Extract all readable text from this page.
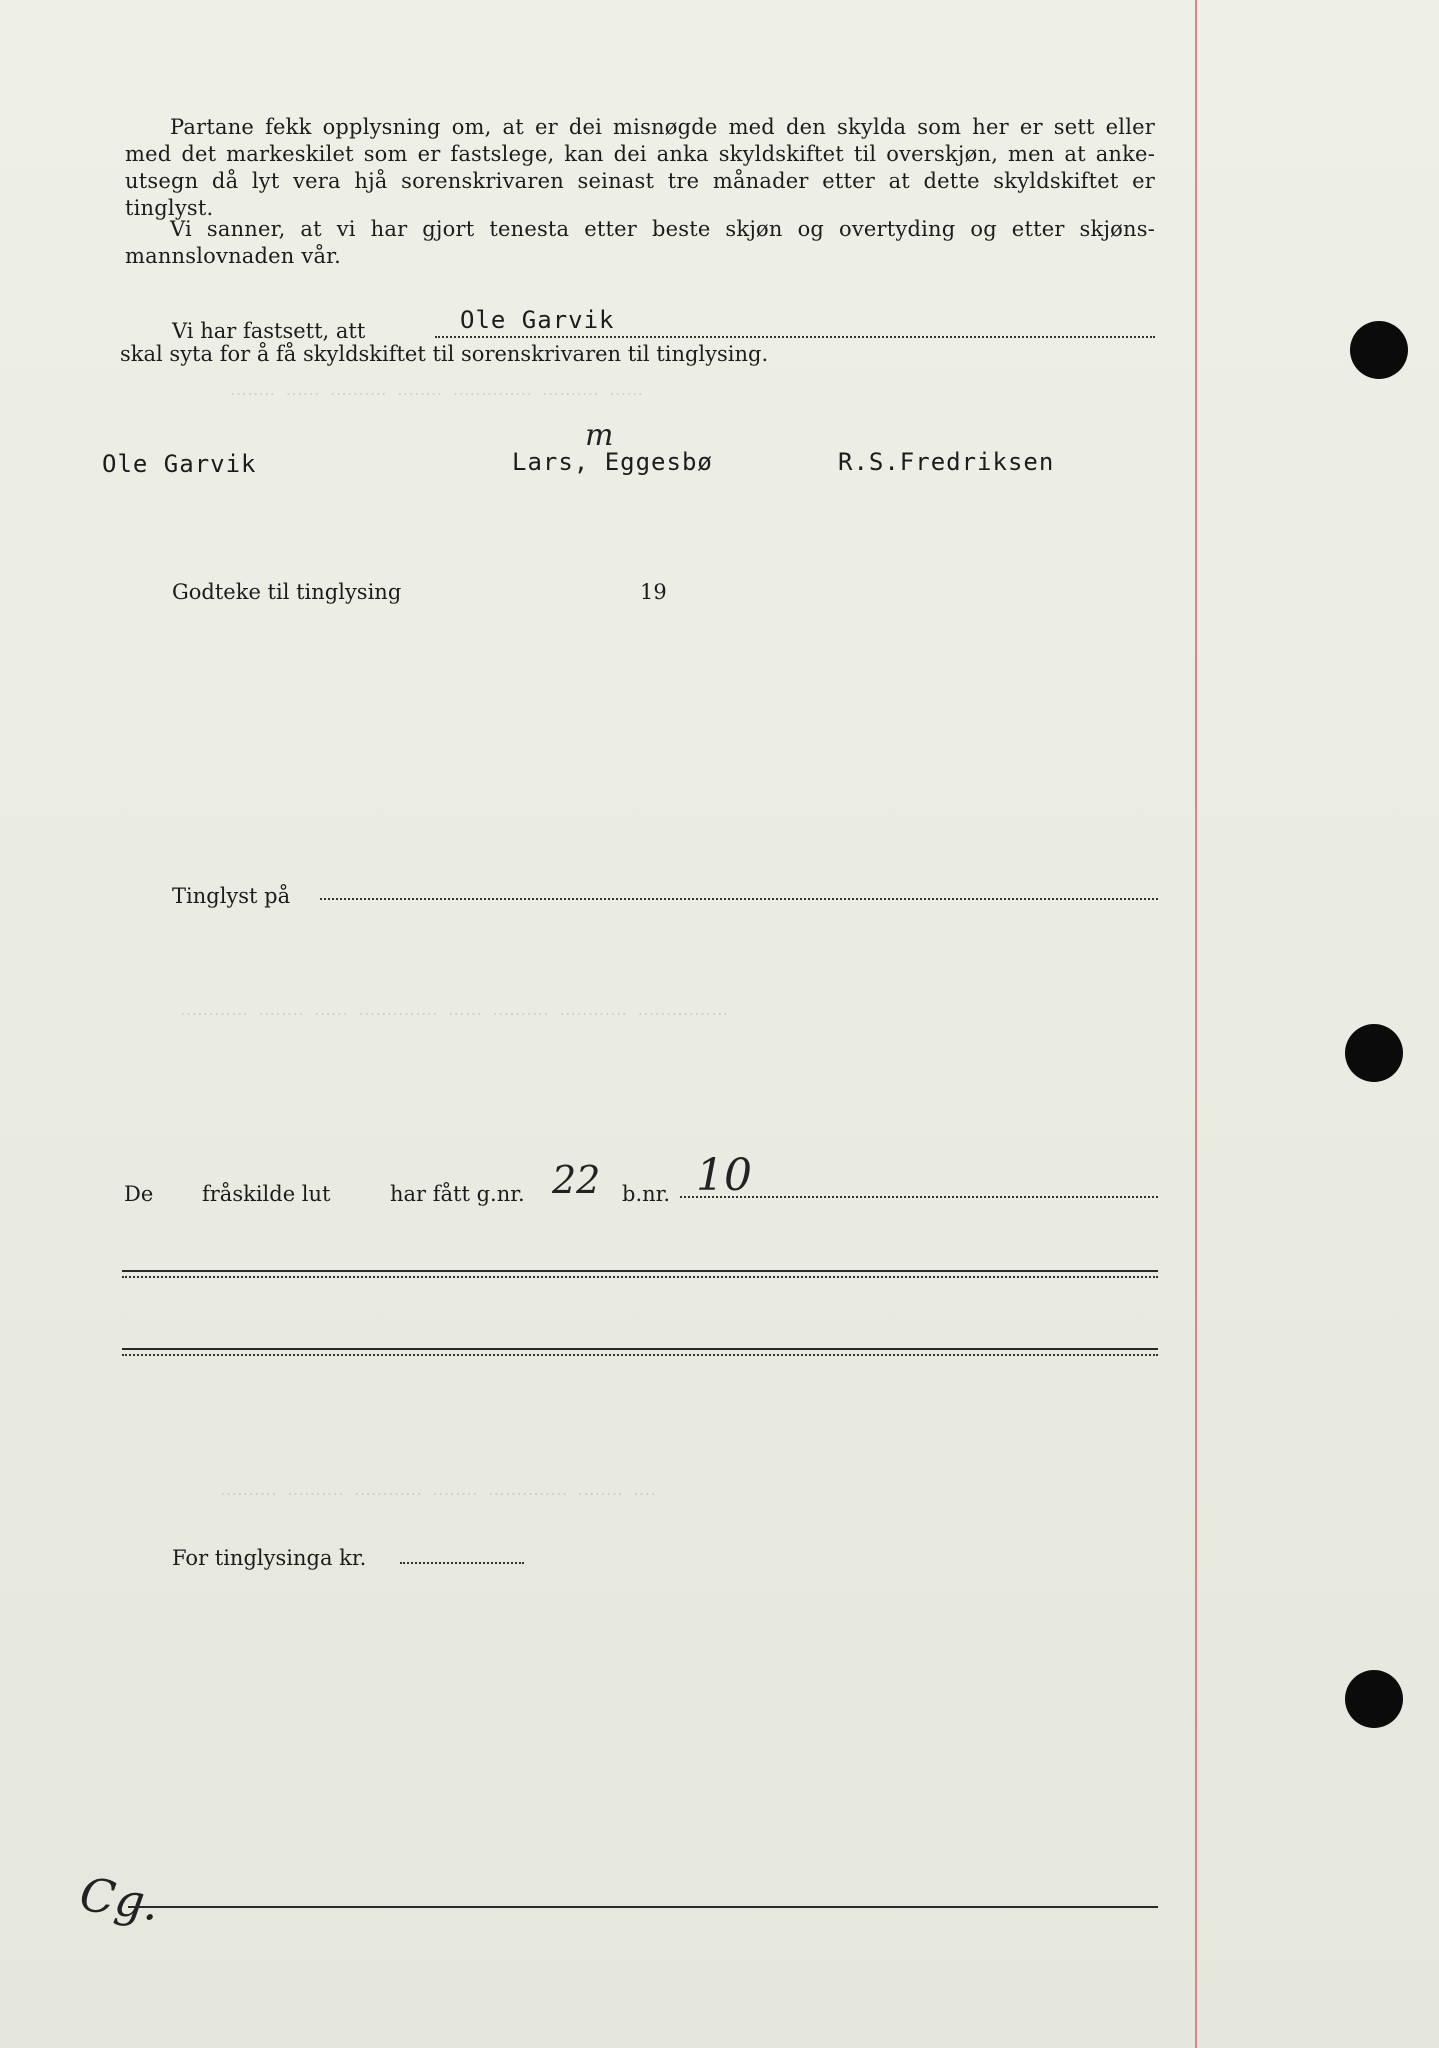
‥‥‥‥ ‥‥‥ ‥‥‥‥‥ ‥‥‥‥ ‥‥‥‥‥‥‥ ‥‥‥‥‥ ‥‥‥
‥‥‥‥‥‥ ‥‥‥‥ ‥‥‥ ‥‥‥‥‥‥‥ ‥‥‥ ‥‥‥‥‥ ‥‥‥‥‥‥ ‥‥‥‥‥‥‥‥
‥‥‥‥‥ ‥‥‥‥‥ ‥‥‥‥‥‥ ‥‥‥‥ ‥‥‥‥‥‥‥ ‥‥‥‥ ‥‥
Partane fekk opplysning om, at er dei misnøgde med den skylda som her er sett eller
med det markeskilet som er fastslege, kan dei anka skyldskiftet til overskjøn, men at anke-
utsegn då lyt vera hjå sorenskrivaren seinast tre månader etter at dette skyldskiftet er
tinglyst.
Vi sanner, at vi har gjort tenesta etter beste skjøn og overtyding og etter skjøns-
mannslovnaden vår.
Vi har fastsett, att	Ole Garvik
skal syta for å få skyldskiftet til sorenskrivaren til tinglysing.
Ole Garvik	Lars, Eggesbø
m
R.S.Fredriksen
Godteke til tinglysing	19
Tinglyst på
De fråskilde lut	har fått g.nr. 22 b.nr. 10
For tinglysinga kr.
Cg.
